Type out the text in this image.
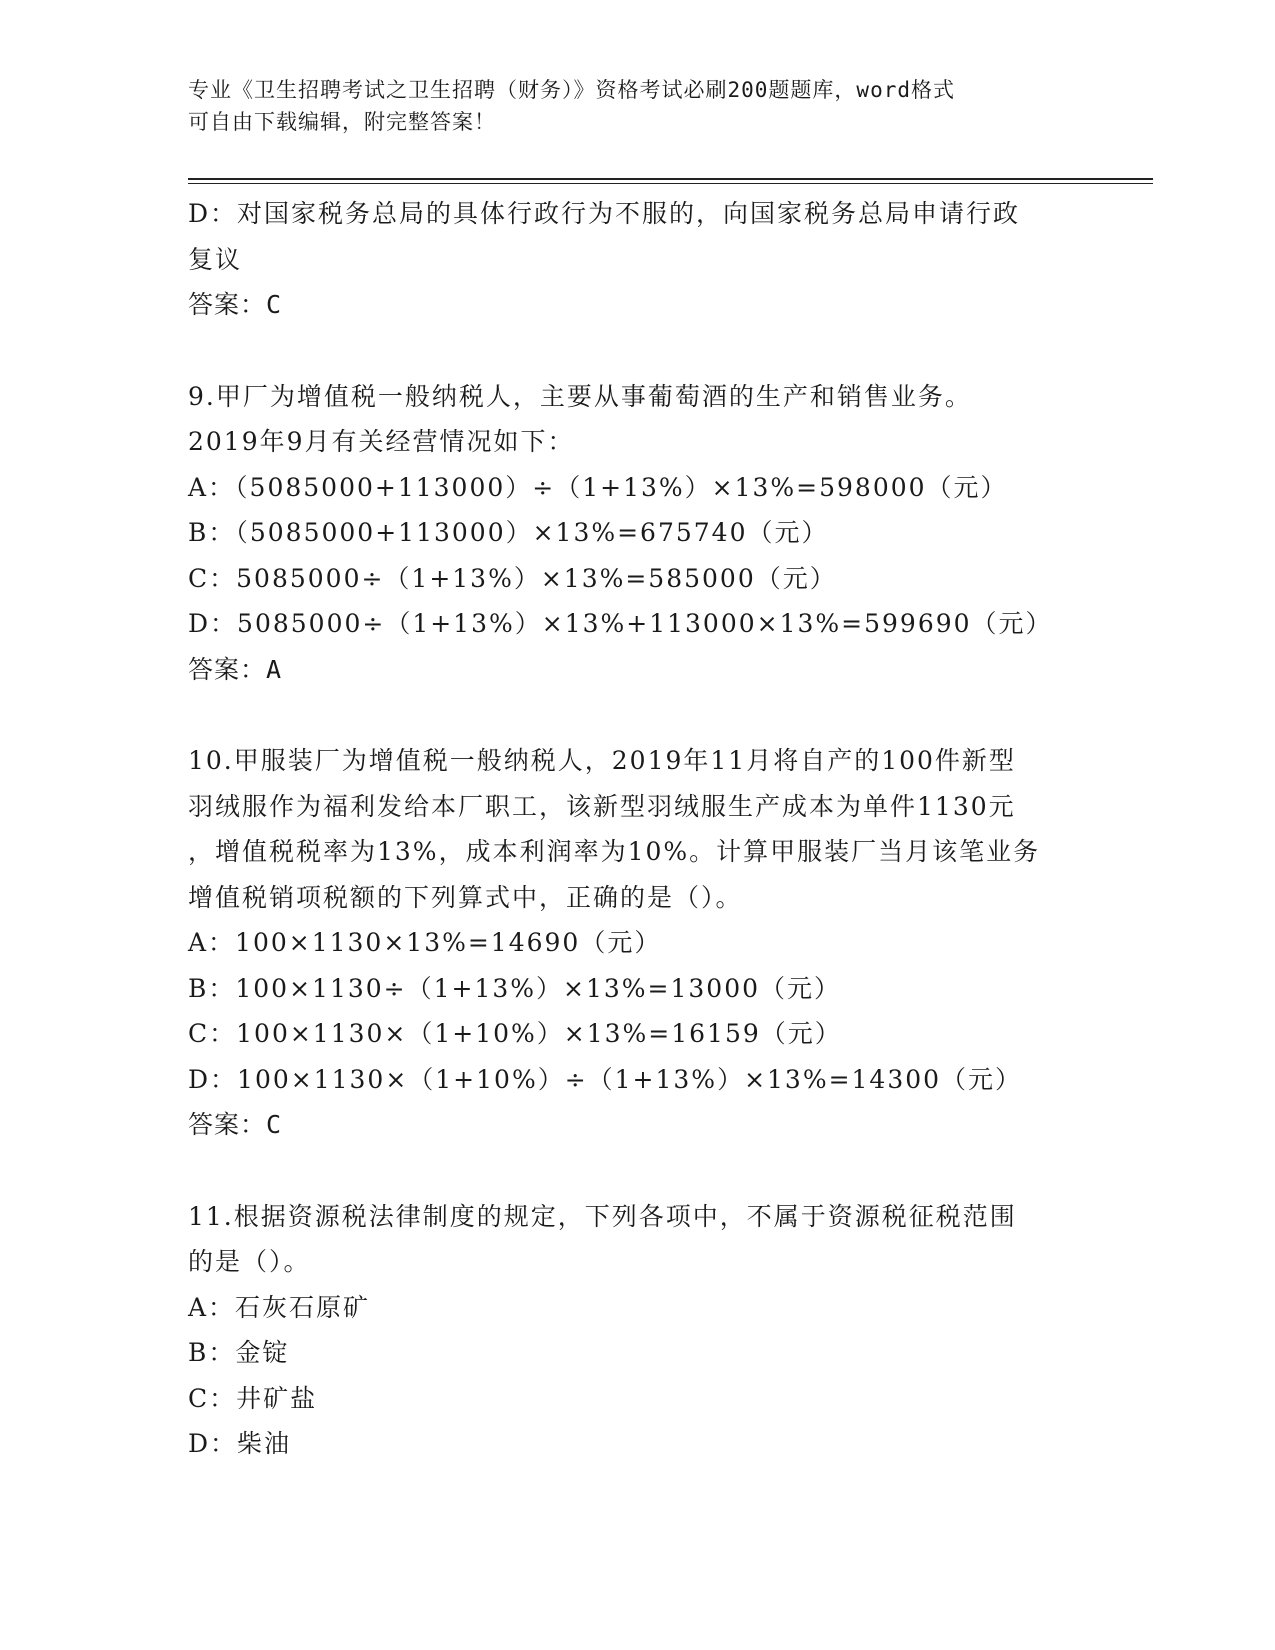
专业《卫生招聘考试之卫生招聘（财务）》资格考试必刷200题题库，word格式
可自由下载编辑，附完整答案！
D：对国家税务总局的具体行政行为不服的，向国家税务总局申请行政
复议
答案：C
9.甲厂为增值税一般纳税人，主要从事葡萄酒的生产和销售业务。
2019年9月有关经营情况如下：
A：（5085000+113000）÷（1+13%）×13%=598000（元）
B：（5085000+113000）×13%=675740（元）
C：5085000÷（1+13%）×13%=585000（元）
D：5085000÷（1+13%）×13%+113000×13%=599690（元）
答案：A
10.甲服装厂为增值税一般纳税人，2019年11月将自产的100件新型
羽绒服作为福利发给本厂职工，该新型羽绒服生产成本为单件1130元
，增值税税率为13%，成本利润率为10%。计算甲服装厂当月该笔业务
增值税销项税额的下列算式中，正确的是（）。
A：100×1130×13%=14690（元）
B：100×1130÷（1+13%）×13%=13000（元）
C：100×1130×（1+10%）×13%=16159（元）
D：100×1130×（1+10%）÷（1+13%）×13%=14300（元）
答案：C
11.根据资源税法律制度的规定，下列各项中，不属于资源税征税范围
的是（）。
A：石灰石原矿
B：金锭
C：井矿盐
D：柴油
